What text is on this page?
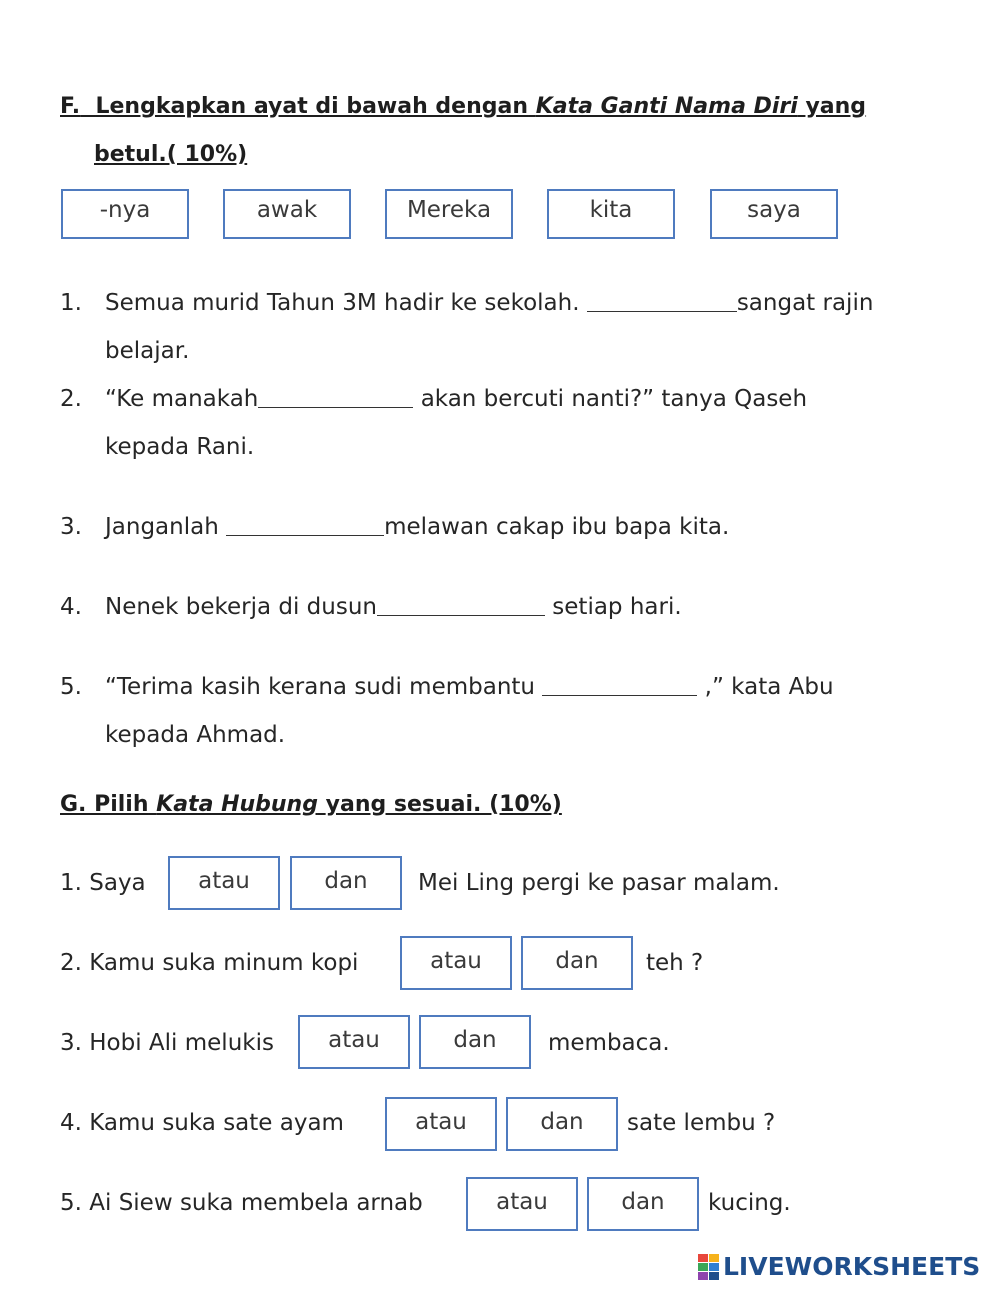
F. Lengkapkan ayat di bawah dengan Kata Ganti Nama Diri yang
betul.( 10%)
-nya	awak	Mereka	kita	saya
1. Semua murid Tahun 3M hadir ke sekolah.	sangat rajin
belajar.
2. “Ke manakah	akan bercuti nanti?” tanya Qaseh
kepada Rani.
3. Janganlah	melawan cakap ibu bapa kita.
4. Nenek bekerja di dusun	setiap hari.
5. “Terima kasih kerana sudi membantu	,” kata Abu
kepada Ahmad.
G. Pilih Kata Hubung yang sesuai. (10%)
1. Saya	atau	dan	Mei Ling pergi ke pasar malam.
2. Kamu suka minum kopi	atau	dan	teh ?
3. Hobi Ali melukis	atau	dan	membaca.
4. Kamu suka sate ayam	atau	dan	sate lembu ?
5. Ai Siew suka membela arnab	atau	dan	kucing.
LIVEWORKSHEETS
